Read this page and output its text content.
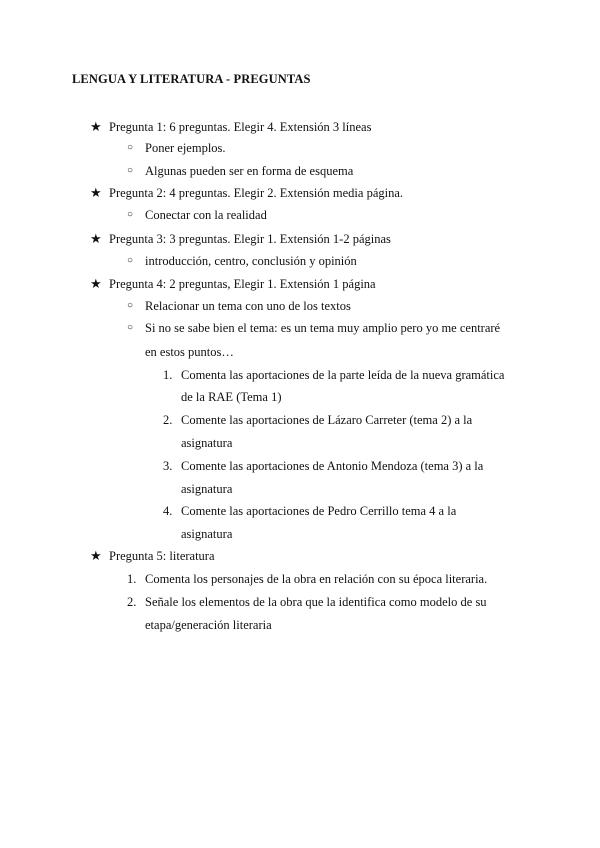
LENGUA Y LITERATURA - PREGUNTAS
★ Pregunta 1: 6 preguntas. Elegir 4. Extensión 3 líneas
○ Poner ejemplos.
○ Algunas pueden ser en forma de esquema
★ Pregunta 2: 4 preguntas. Elegir 2. Extensión media página.
○ Conectar con la realidad
★ Pregunta 3: 3 preguntas. Elegir 1. Extensión 1-2 páginas
○ introducción, centro, conclusión y opinión
★ Pregunta 4: 2 preguntas, Elegir 1. Extensión 1 página
○ Relacionar un tema con uno de los textos
○ Si no se sabe bien el tema: es un tema muy amplio pero yo me centraré
en estos puntos…
1. Comenta las aportaciones de la parte leída de la nueva gramática
de la RAE (Tema 1)
2. Comente las aportaciones de Lázaro Carreter (tema 2) a la
asignatura
3. Comente las aportaciones de Antonio Mendoza (tema 3) a la
asignatura
4. Comente las aportaciones de Pedro Cerrillo tema 4 a la
asignatura
★ Pregunta 5: literatura
1. Comenta los personajes de la obra en relación con su época literaria.
2. Señale los elementos de la obra que la identifica como modelo de su
etapa/generación literaria
